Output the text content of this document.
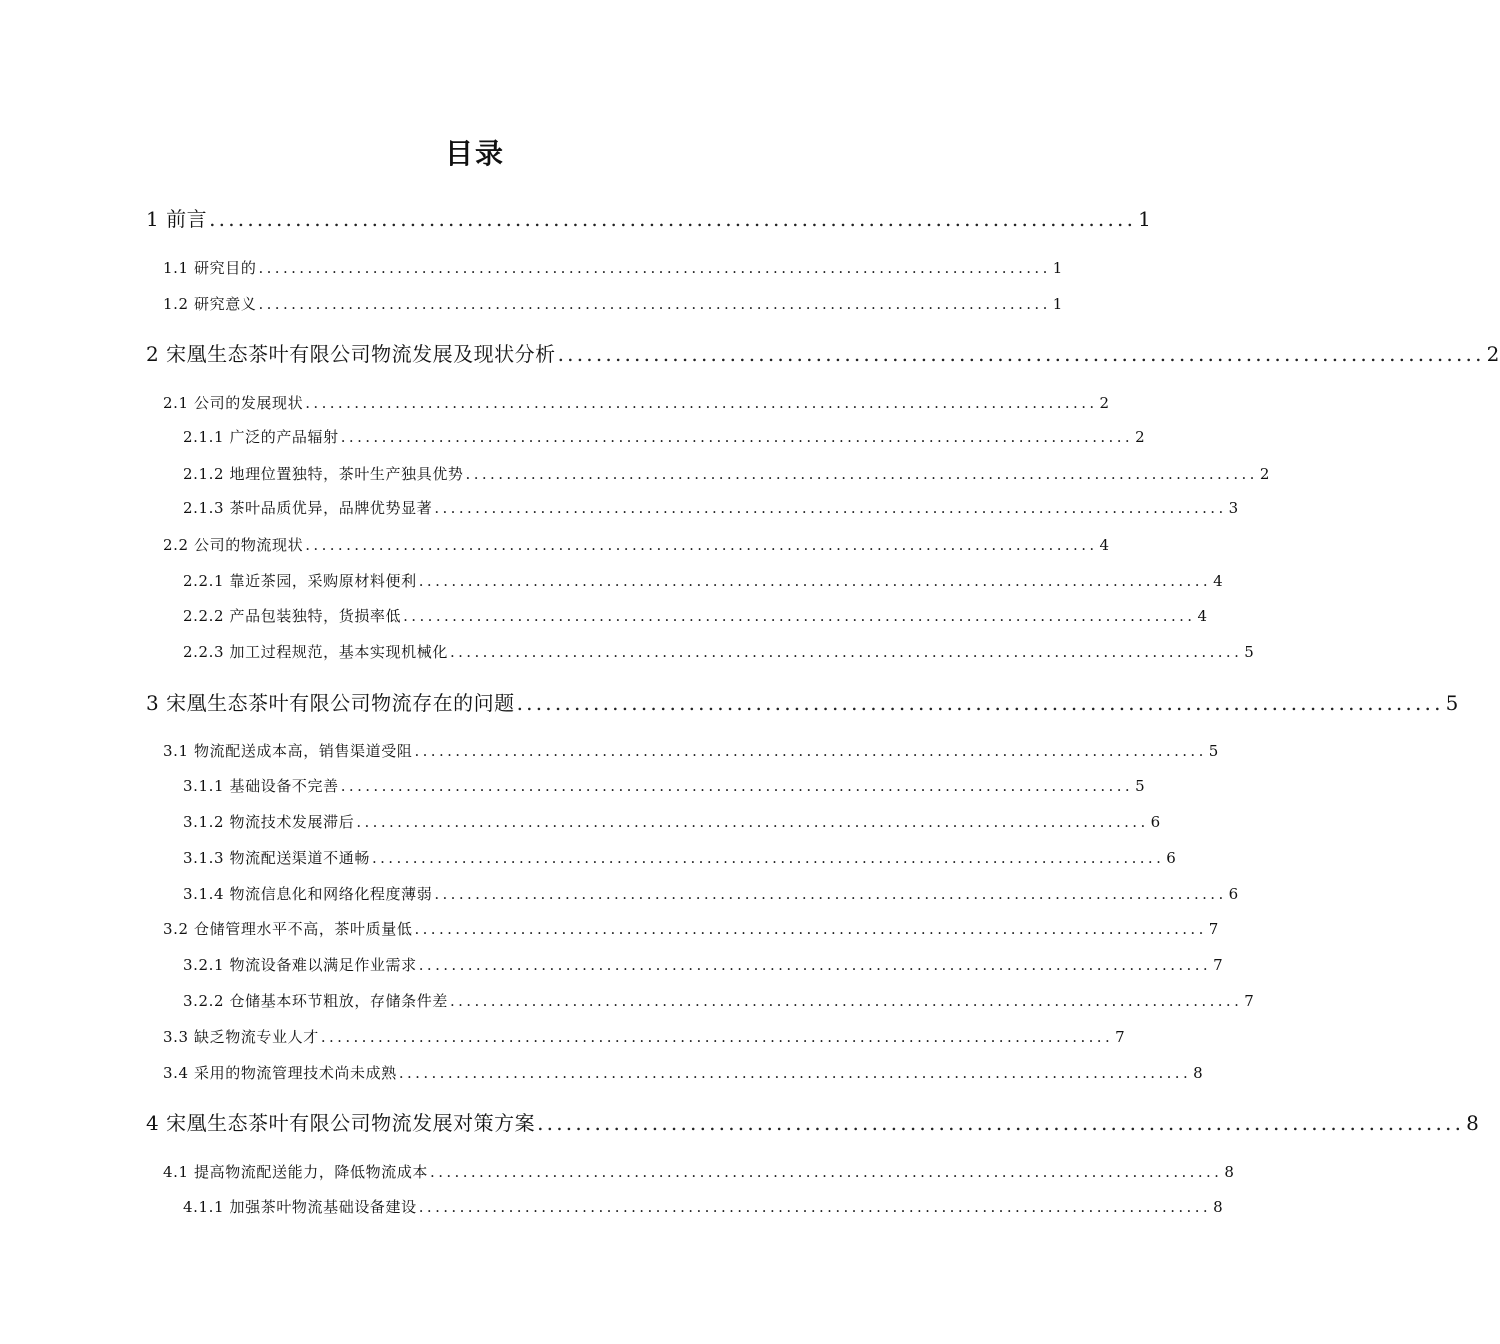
目录
1 前言 ................................................................................................. 1
1.1 研究目的 ................................................................................................. 1
1.2 研究意义 ................................................................................................. 1
2 宋凰生态茶叶有限公司物流发展及现状分析 ................................................................................................. 2
2.1 公司的发展现状 ................................................................................................. 2
2.1.1 广泛的产品辐射 ................................................................................................. 2
2.1.2 地理位置独特，茶叶生产独具优势 ................................................................................................. 2
2.1.3 茶叶品质优异，品牌优势显著 ................................................................................................. 3
2.2 公司的物流现状 ................................................................................................. 4
2.2.1 靠近茶园，采购原材料便利 ................................................................................................. 4
2.2.2 产品包装独特，货损率低 ................................................................................................. 4
2.2.3 加工过程规范，基本实现机械化 ................................................................................................. 5
3 宋凰生态茶叶有限公司物流存在的问题 ................................................................................................. 5
3.1 物流配送成本高，销售渠道受阻 ................................................................................................. 5
3.1.1 基础设备不完善 ................................................................................................. 5
3.1.2 物流技术发展滞后 ................................................................................................. 6
3.1.3 物流配送渠道不通畅 ................................................................................................. 6
3.1.4 物流信息化和网络化程度薄弱 ................................................................................................. 6
3.2 仓储管理水平不高，茶叶质量低 ................................................................................................. 7
3.2.1 物流设备难以满足作业需求 ................................................................................................. 7
3.2.2 仓储基本环节粗放，存储条件差 ................................................................................................. 7
3.3 缺乏物流专业人才 ................................................................................................. 7
3.4 采用的物流管理技术尚未成熟 ................................................................................................. 8
4 宋凰生态茶叶有限公司物流发展对策方案 ................................................................................................. 8
4.1 提高物流配送能力，降低物流成本 ................................................................................................. 8
4.1.1 加强茶叶物流基础设备建设 ................................................................................................. 8
